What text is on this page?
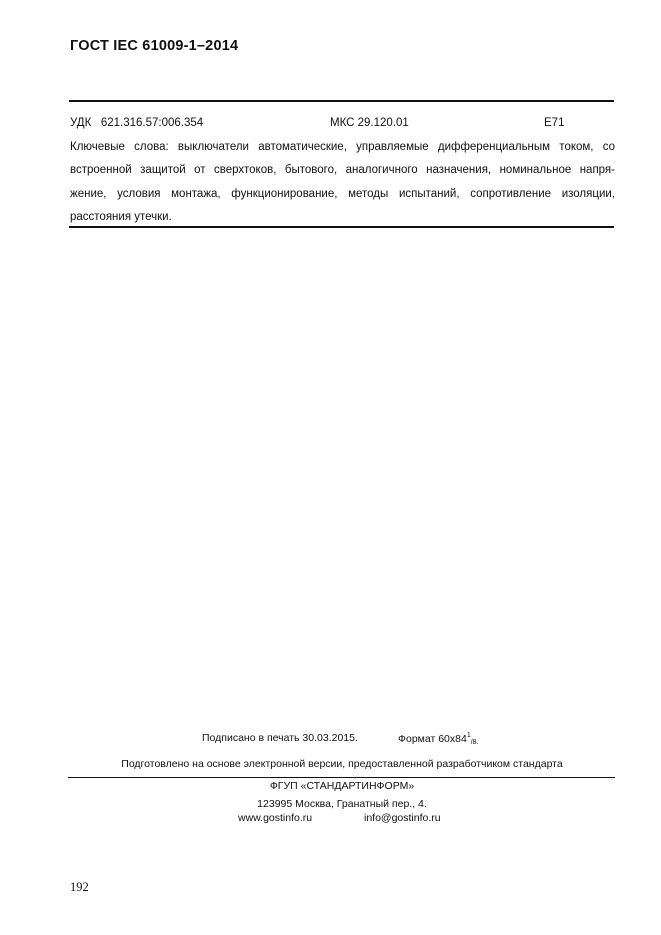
ГОСТ IEC 61009-1–2014
УДК   621.316.57:006.354	МКС 29.120.01	E71
Ключевые слова: выключатели автоматические, управляемые дифференциальным током, со
встроенной защитой от сверхтоков, бытового, аналогичного назначения, номинальное напря-
жение, условия монтажа, функционирование, методы испытаний, сопротивление изоляции,
расстояния утечки.
Подписано в печать 30.03.2015.	Формат $60x84^1/8$.
Подготовлено на основе электронной версии, предоставленной разработчиком стандарта
ФГУП «СТАНДАРТИНФОРМ»
123995 Москва, Гранатный пер., 4.
www.gostinfo.ru	info@gostinfo.ru
192
